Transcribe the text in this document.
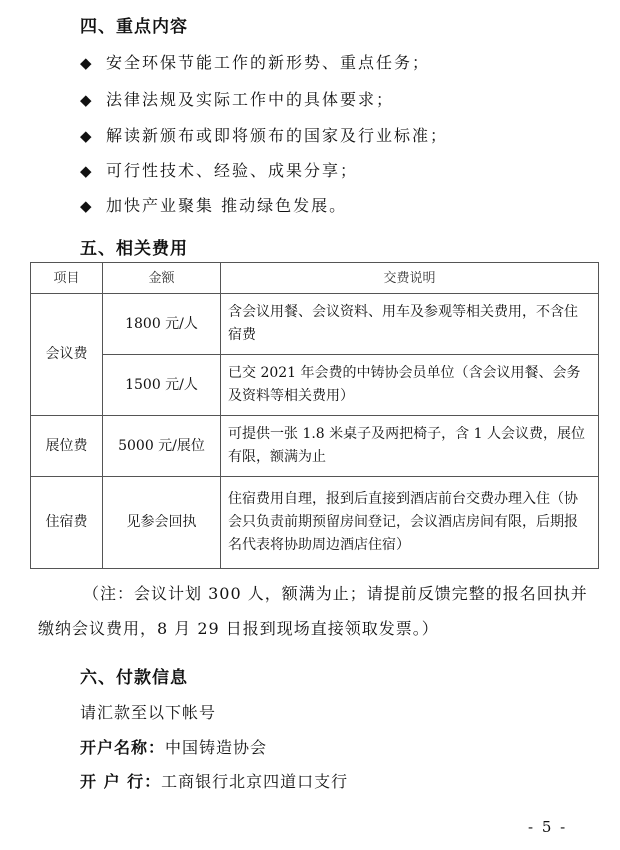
四、重点内容
◆ 安全环保节能工作的新形势、重点任务；
◆ 法律法规及实际工作中的具体要求；
◆ 解读新颁布或即将颁布的国家及行业标准；
◆ 可行性技术、经验、成果分享；
◆ 加快产业聚集 推动绿色发展。
五、相关费用
项目	金额	交费说明
会议费	1800 元/人	含会议用餐、会议资料、用车及参观等相关费用，不含住宿费
	1500 元/人	已交 2021 年会费的中铸协会员单位（含会议用餐、会务及资料等相关费用）
展位费	5000 元/展位	可提供一张 1.8 米桌子及两把椅子，含 1 人会议费，展位有限，额满为止
住宿费	见参会回执	住宿费用自理，报到后直接到酒店前台交费办理入住（协会只负责前期预留房间登记，会议酒店房间有限，后期报名代表将协助周边酒店住宿）
（注：会议计划 300 人，额满为止；请提前反馈完整的报名回执并缴纳会议费用，8 月 29 日报到现场直接领取发票。）
六、付款信息
请汇款至以下帐号
开户名称：中国铸造协会
开 户 行：工商银行北京四道口支行
- 5 -
